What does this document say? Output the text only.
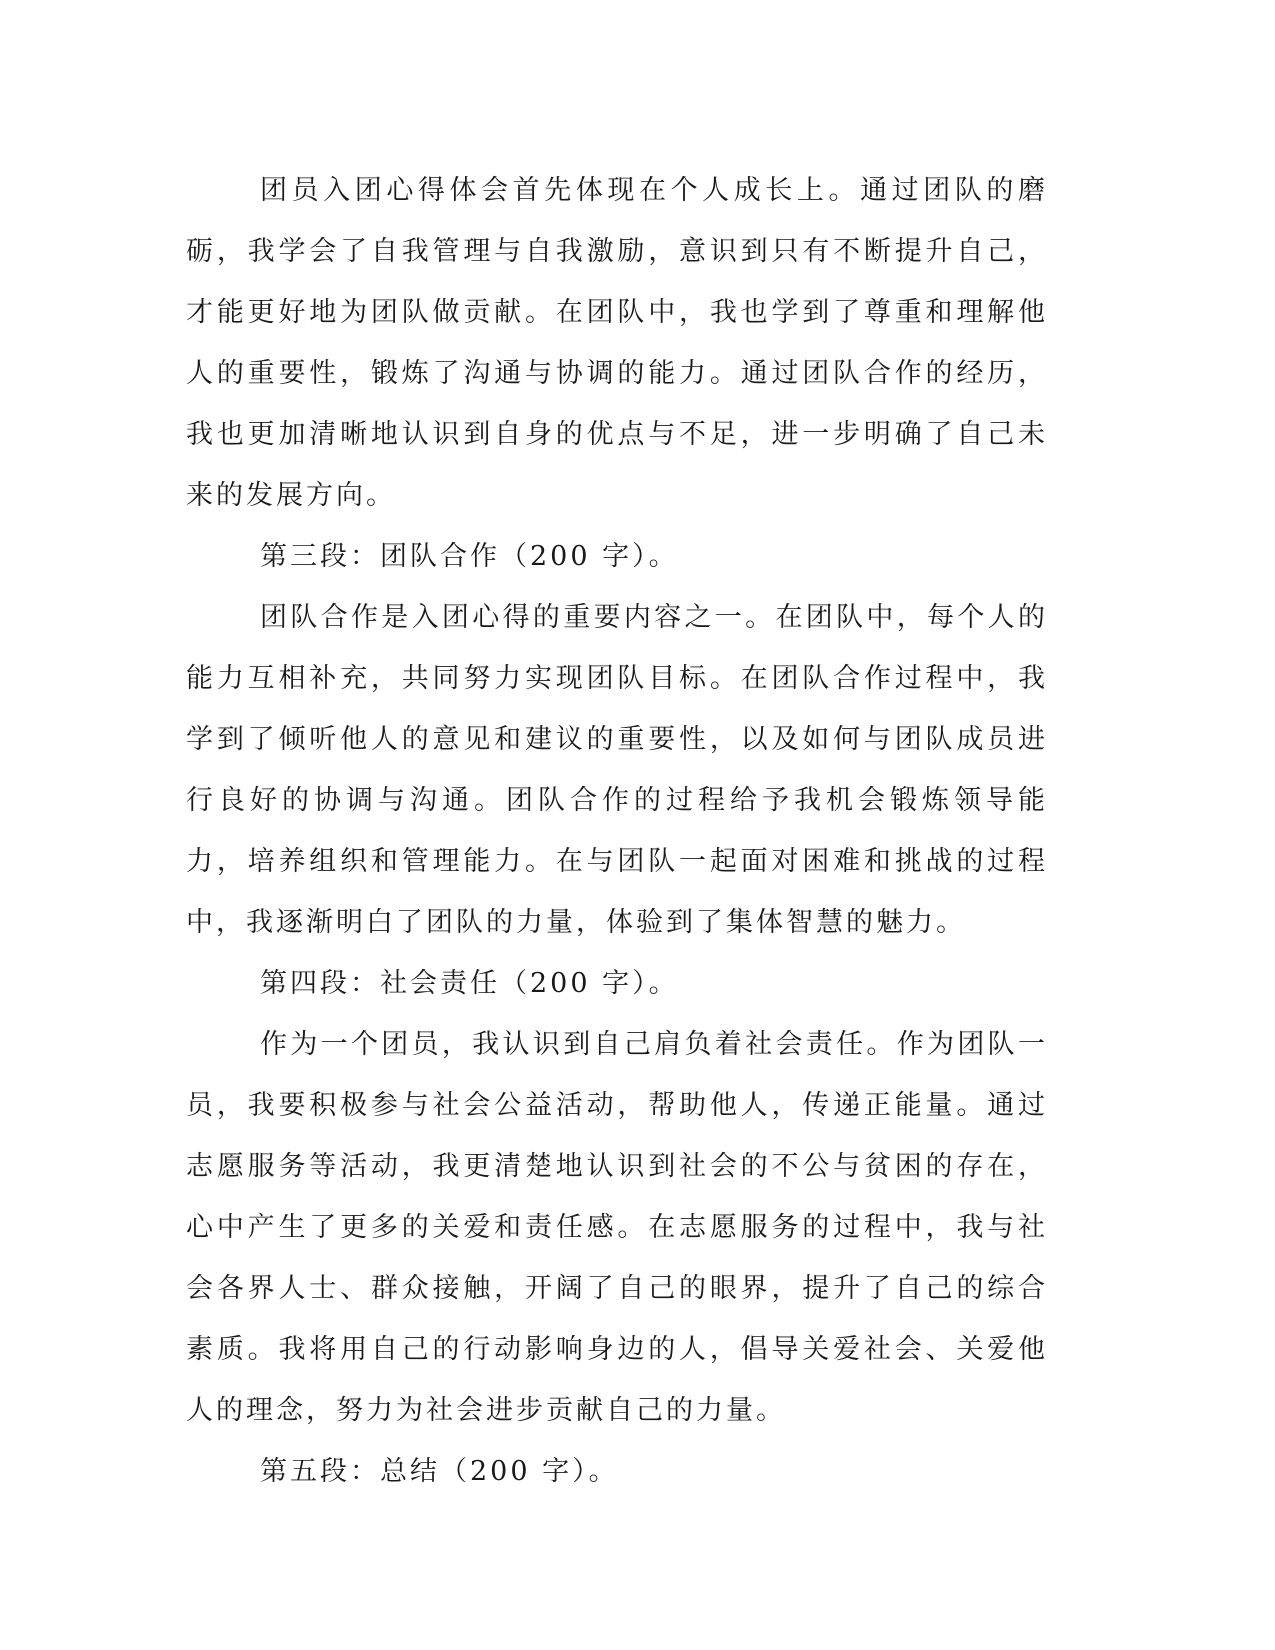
团员入团心得体会首先体现在个人成长上。通过团队的磨砺，我学会了自我管理与自我激励，意识到只有不断提升自己，才能更好地为团队做贡献。在团队中，我也学到了尊重和理解他人的重要性，锻炼了沟通与协调的能力。通过团队合作的经历，我也更加清晰地认识到自身的优点与不足，进一步明确了自己未来的发展方向。

第三段：团队合作（200 字）。

团队合作是入团心得的重要内容之一。在团队中，每个人的能力互相补充，共同努力实现团队目标。在团队合作过程中，我学到了倾听他人的意见和建议的重要性，以及如何与团队成员进行良好的协调与沟通。团队合作的过程给予我机会锻炼领导能力，培养组织和管理能力。在与团队一起面对困难和挑战的过程中，我逐渐明白了团队的力量，体验到了集体智慧的魅力。

第四段：社会责任（200 字）。

作为一个团员，我认识到自己肩负着社会责任。作为团队一员，我要积极参与社会公益活动，帮助他人，传递正能量。通过志愿服务等活动，我更清楚地认识到社会的不公与贫困的存在，心中产生了更多的关爱和责任感。在志愿服务的过程中，我与社会各界人士、群众接触，开阔了自己的眼界，提升了自己的综合素质。我将用自己的行动影响身边的人，倡导关爱社会、关爱他人的理念，努力为社会进步贡献自己的力量。

第五段：总结（200 字）。
